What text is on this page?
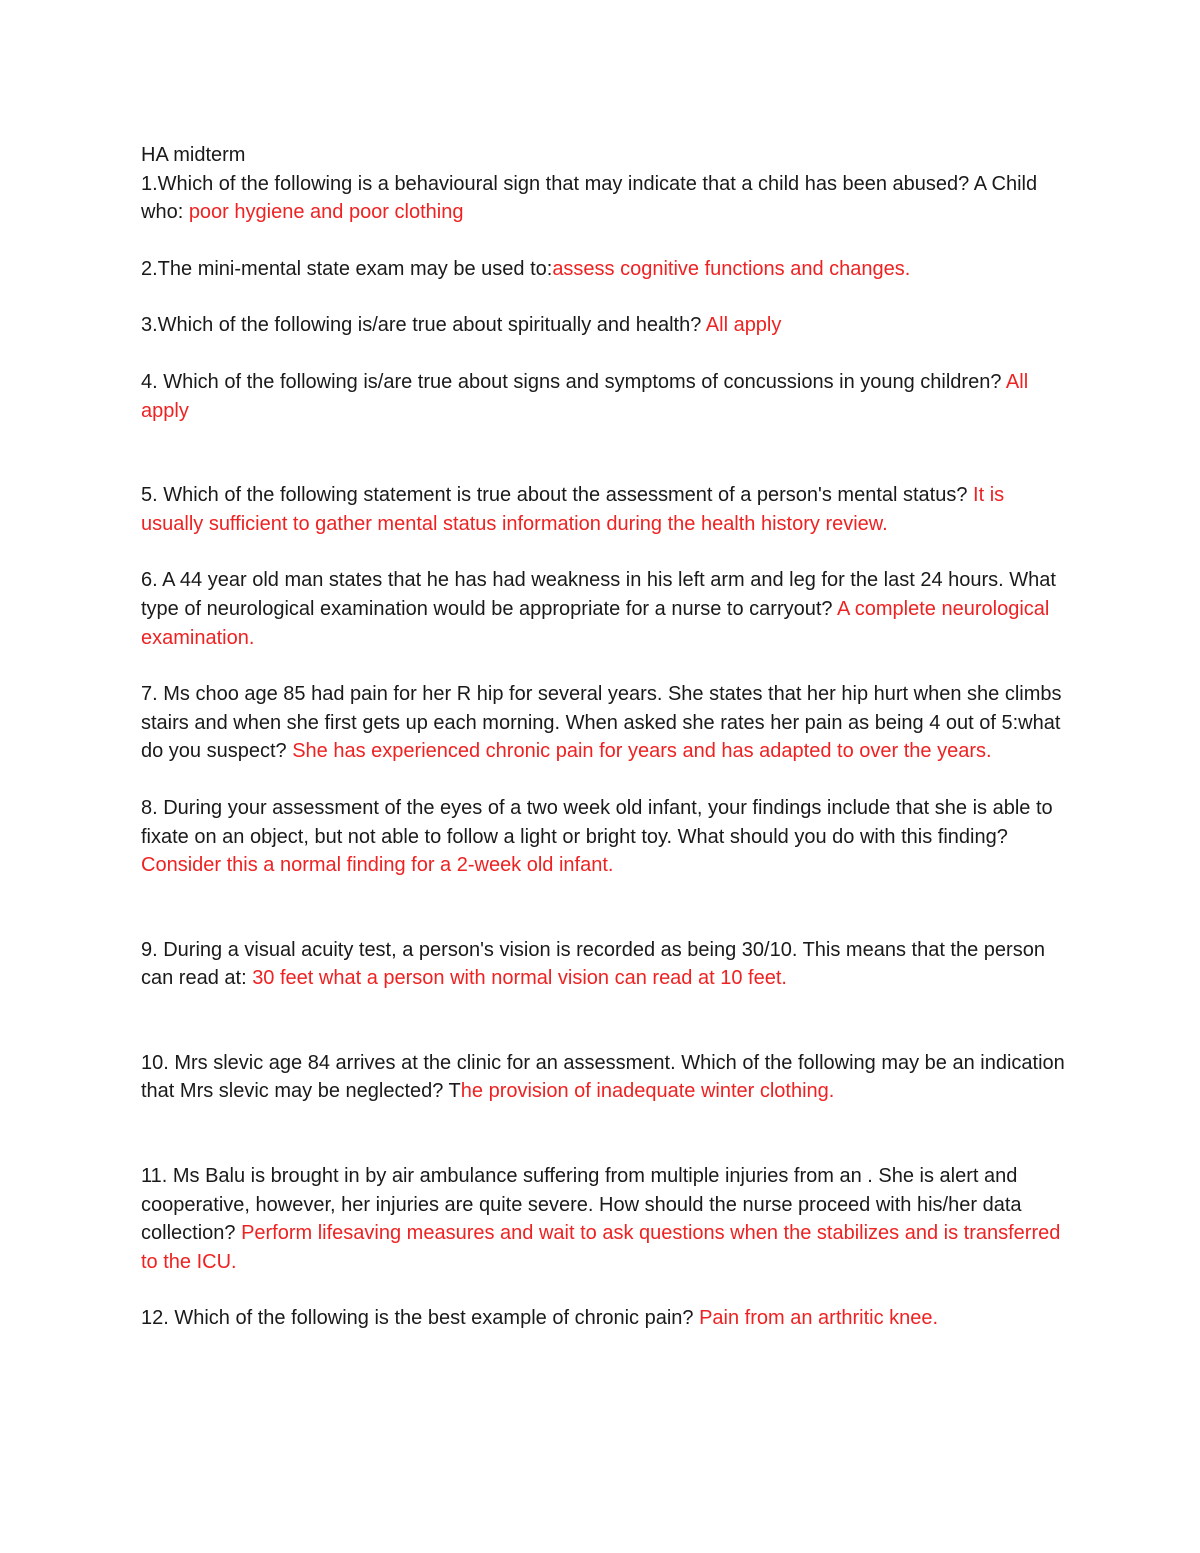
HA midterm

1.Which of the following is a behavioural sign that may indicate that a child has been abused? A Child who: poor hygiene and poor clothing

2.The mini-mental state exam may be used to:assess cognitive functions and changes.

3.Which of the following is/are true about spiritually and health? All apply

4. Which of the following is/are true about signs and symptoms of concussions in young children? All apply

5. Which of the following statement is true about the assessment of a person's mental status? It is usually sufficient to gather mental status information during the health history review.

6. A 44 year old man states that he has had weakness in his left arm and leg for the last 24 hours. What type of neurological examination would be appropriate for a nurse to carryout? A complete neurological examination.

7. Ms choo age 85 had pain for her R hip for several years. She states that her hip hurt when she climbs stairs and when she first gets up each morning. When asked she rates her pain as being 4 out of 5:what do you suspect? She has experienced chronic pain for years and has adapted to over the years.

8. During your assessment of the eyes of a two week old infant, your findings include that she is able to fixate on an object, but not able to follow a light or bright toy. What should you do with this finding? Consider this a normal finding for a 2-week old infant.

9. During a visual acuity test, a person's vision is recorded as being 30/10. This means that the person can read at: 30 feet what a person with normal vision can read at 10 feet.

10. Mrs slevic age 84 arrives at the clinic for an assessment. Which of the following may be an indication that Mrs slevic may be neglected? The provision of inadequate winter clothing.

11. Ms Balu is brought in by air ambulance suffering from multiple injuries from an . She is alert and cooperative, however, her injuries are quite severe. How should the nurse proceed with his/her data collection? Perform lifesaving measures and wait to ask questions when the stabilizes and is transferred to the ICU.

12. Which of the following is the best example of chronic pain? Pain from an arthritic knee.
